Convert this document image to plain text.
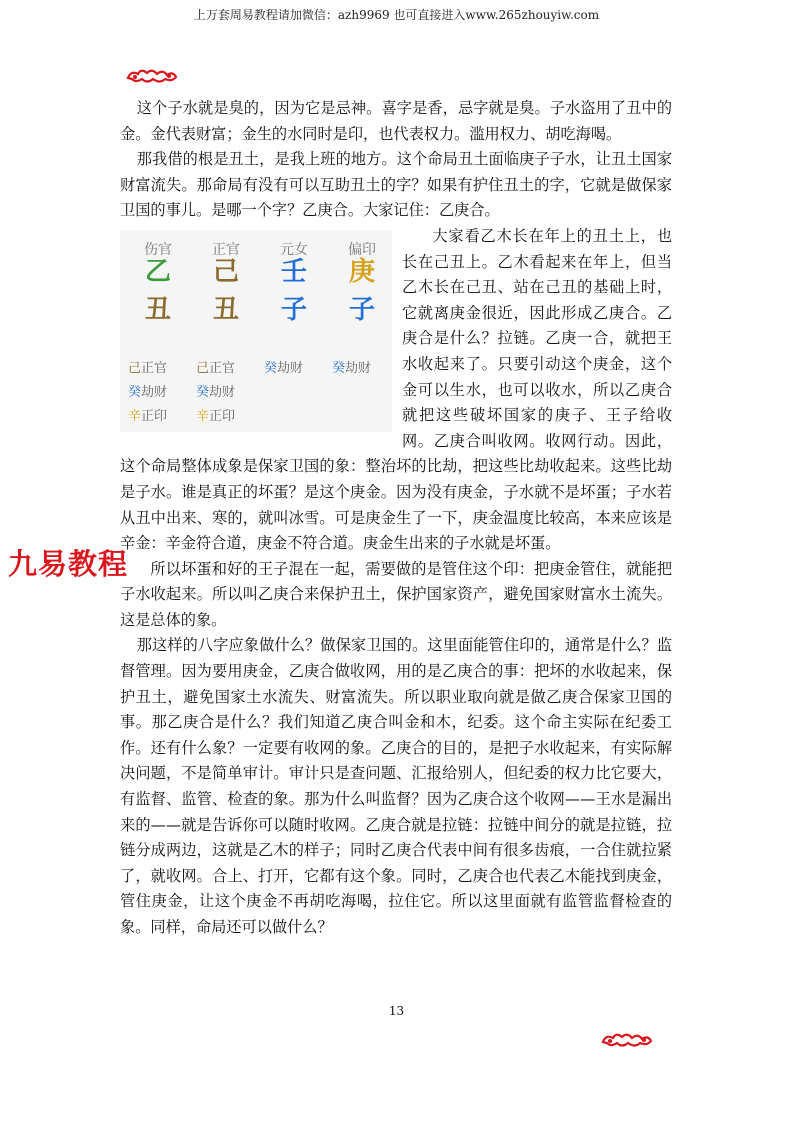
上万套周易教程请加微信：azh9969 也可直接进入www.265zhouyiw.com
九易教程

这个子水就是臭的，因为它是忌神。喜字是香，忌字就是臭。子水盗用了丑中的金。金代表财富；金生的水同时是印，也代表权力。滥用权力、胡吃海喝。

那我借的根是丑土，是我上班的地方。这个命局丑土面临庚子子水，让丑土国家财富流失。那命局有没有可以互助丑土的字？如果有护住丑土的字，它就是做保家卫国的事儿。是哪一个字？乙庚合。大家记住：乙庚合。

伤官
乙
丑
正官
己
丑
元女
壬
子
偏印
庚
子
己正官
癸劫财
辛正印
己正官
癸劫财
辛正印
癸劫财 癸劫财

大家看乙木长在年上的丑土上，也长在己丑上。乙木看起来在年上，但当乙木长在己丑、站在己丑的基础上时，它就离庚金很近，因此形成乙庚合。乙庚合是什么？拉链。乙庚一合，就把王水收起来了。只要引动这个庚金，这个金可以生水，也可以收水，所以乙庚合就把这些破坏国家的庚子、王子给收网。乙庚合叫收网。收网行动。因此，这个命局整体成象是保家卫国的象：整治坏的比劫，把这些比劫收起来。这些比劫是子水。谁是真正的坏蛋？是这个庚金。因为没有庚金，子水就不是坏蛋；子水若从丑中出来、寒的，就叫冰雪。可是庚金生了一下，庚金温度比较高，本来应该是辛金：辛金符合道，庚金不符合道。庚金生出来的子水就是坏蛋。

所以坏蛋和好的王子混在一起，需要做的是管住这个印：把庚金管住，就能把子水收起来。所以叫乙庚合来保护丑土，保护国家资产，避免国家财富水土流失。这是总体的象。

那这样的八字应象做什么？做保家卫国的。这里面能管住印的，通常是什么？监督管理。因为要用庚金，乙庚合做收网，用的是乙庚合的事：把坏的水收起来，保护丑土，避免国家土水流失、财富流失。所以职业取向就是做乙庚合保家卫国的事。那乙庚合是什么？我们知道乙庚合叫金和木，纪委。这个命主实际在纪委工作。还有什么象？一定要有收网的象。乙庚合的目的，是把子水收起来，有实际解决问题，不是简单审计。审计只是查问题、汇报给别人，但纪委的权力比它要大，有监督、监管、检查的象。那为什么叫监督？因为乙庚合这个收网——王水是漏出来的——就是告诉你可以随时收网。乙庚合就是拉链：拉链中间分的就是拉链，拉链分成两边，这就是乙木的样子；同时乙庚合代表中间有很多齿痕，一合住就拉紧了，就收网。合上、打开，它都有这个象。同时，乙庚合也代表乙木能找到庚金，管住庚金，让这个庚金不再胡吃海喝，拉住它。所以这里面就有监管监督检查的象。同样，命局还可以做什么？

13
